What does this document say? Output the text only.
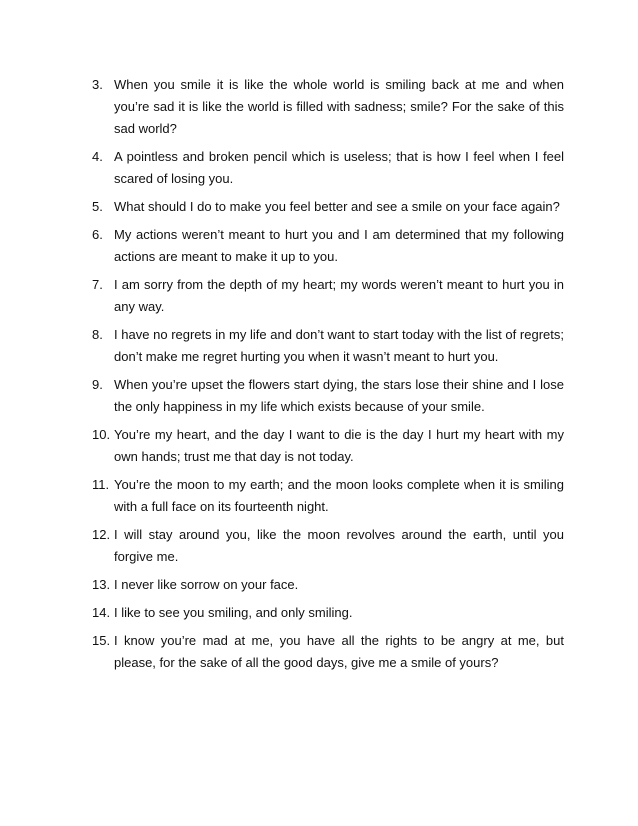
3. When you smile it is like the whole world is smiling back at me and when you’re sad it is like the world is filled with sadness; smile? For the sake of this sad world?
4. A pointless and broken pencil which is useless; that is how I feel when I feel scared of losing you.
5. What should I do to make you feel better and see a smile on your face again?
6. My actions weren’t meant to hurt you and I am determined that my following actions are meant to make it up to you.
7. I am sorry from the depth of my heart; my words weren’t meant to hurt you in any way.
8. I have no regrets in my life and don’t want to start today with the list of regrets; don’t make me regret hurting you when it wasn’t meant to hurt you.
9. When you’re upset the flowers start dying, the stars lose their shine and I lose the only happiness in my life which exists because of your smile.
10. You’re my heart, and the day I want to die is the day I hurt my heart with my own hands; trust me that day is not today.
11. You’re the moon to my earth; and the moon looks complete when it is smiling with a full face on its fourteenth night.
12. I will stay around you, like the moon revolves around the earth, until you forgive me.
13. I never like sorrow on your face.
14. I like to see you smiling, and only smiling.
15. I know you’re mad at me, you have all the rights to be angry at me, but please, for the sake of all the good days, give me a smile of yours?
